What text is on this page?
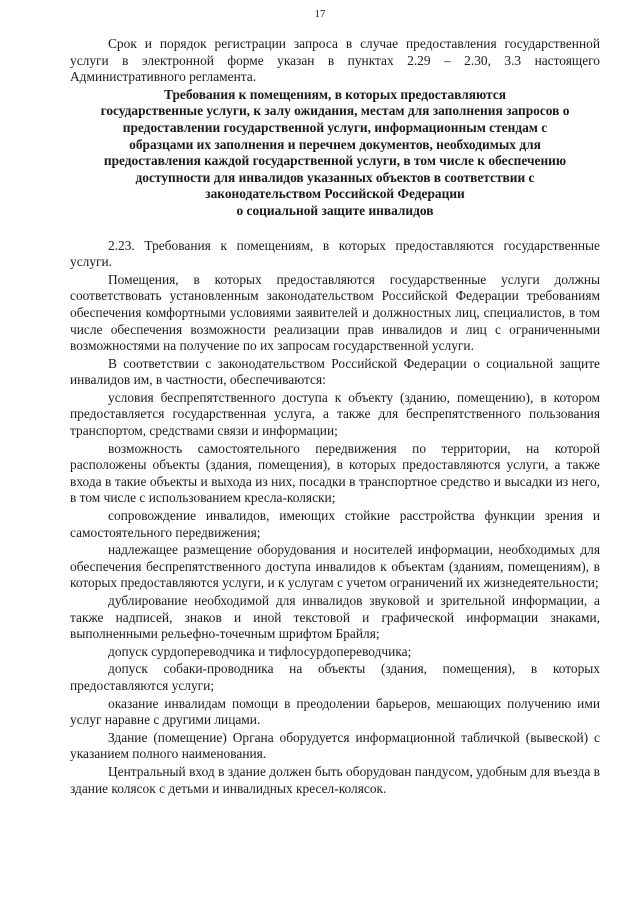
17

Срок и порядок регистрации запроса в случае предоставления государственной услуги в электронной форме указан в пунктах 2.29 – 2.30, 3.3 настоящего Административного регламента.

Требования к помещениям, в которых предоставляются
государственные услуги, к залу ожидания, местам для заполнения запросов о
предоставлении государственной услуги, информационным стендам с
образцами их заполнения и перечнем документов, необходимых для
предоставления каждой государственной услуги, в том числе к обеспечению
доступности для инвалидов указанных объектов в соответствии с
законодательством Российской Федерации
о социальной защите инвалидов

2.23. Требования к помещениям, в которых предоставляются государственные услуги.

Помещения, в которых предоставляются государственные услуги должны соответствовать установленным законодательством Российской Федерации требованиям обеспечения комфортными условиями заявителей и должностных лиц, специалистов, в том числе обеспечения возможности реализации прав инвалидов и лиц с ограниченными возможностями на получение по их запросам государственной услуги.

В соответствии с законодательством Российской Федерации о социальной защите инвалидов им, в частности, обеспечиваются:

условия беспрепятственного доступа к объекту (зданию, помещению), в котором предоставляется государственная услуга, а также для беспрепятственного пользования транспортом, средствами связи и информации;

возможность самостоятельного передвижения по территории, на которой расположены объекты (здания, помещения), в которых предоставляются услуги, а также входа в такие объекты и выхода из них, посадки в транспортное средство и высадки из него, в том числе с использованием кресла-коляски;

сопровождение инвалидов, имеющих стойкие расстройства функции зрения и самостоятельного передвижения;

надлежащее размещение оборудования и носителей информации, необходимых для обеспечения беспрепятственного доступа инвалидов к объектам (зданиям, помещениям), в которых предоставляются услуги, и к услугам с учетом ограничений их жизнедеятельности;

дублирование необходимой для инвалидов звуковой и зрительной информации, а также надписей, знаков и иной текстовой и графической информации знаками, выполненными рельефно-точечным шрифтом Брайля;

допуск сурдопереводчика и тифлосурдопереводчика;

допуск собаки-проводника на объекты (здания, помещения), в которых предоставляются услуги;

оказание инвалидам помощи в преодолении барьеров, мешающих получению ими услуг наравне с другими лицами.

Здание (помещение) Органа оборудуется информационной табличкой (вывеской) с указанием полного наименования.

Центральный вход в здание должен быть оборудован пандусом, удобным для въезда в здание колясок с детьми и инвалидных кресел-колясок.
